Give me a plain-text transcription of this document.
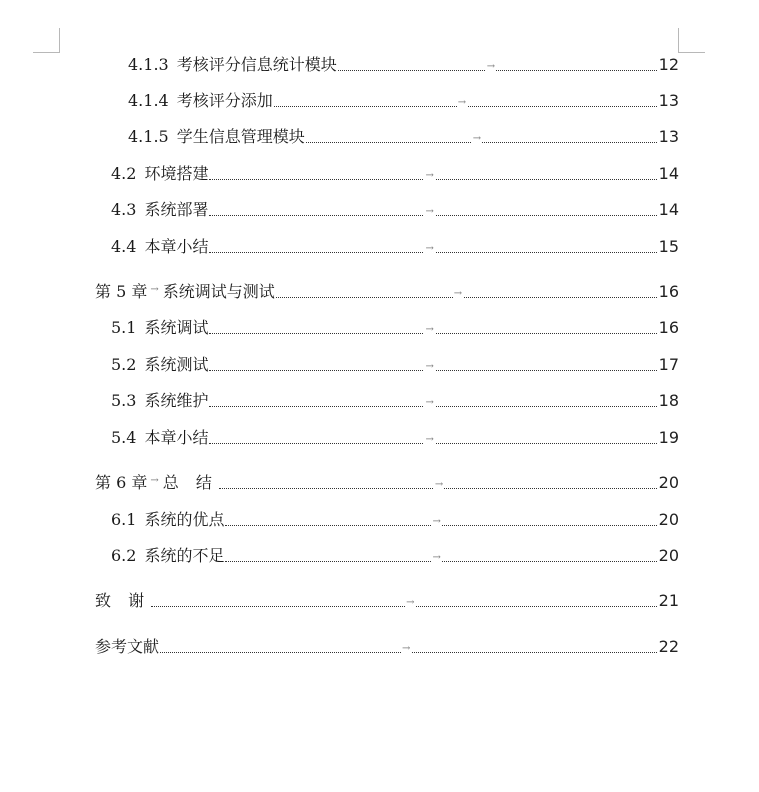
4.1.3 考核评分信息统计模块	→	12
4.1.4 考核评分添加	→	13
4.1.5 学生信息管理模块	→	13
4.2 环境搭建	→	14
4.3 系统部署	→	14
4.4 本章小结	→	15
第 5 章 → 系统调试与测试	→	16
5.1 系统调试	→	16
5.2 系统测试	→	17
5.3 系统维护	→	18
5.4 本章小结	→	19
第 6 章 → 总 结	→	20
6.1 系统的优点	→	20
6.2 系统的不足	→	20
致 谢	→	21
参考文献	→	22
